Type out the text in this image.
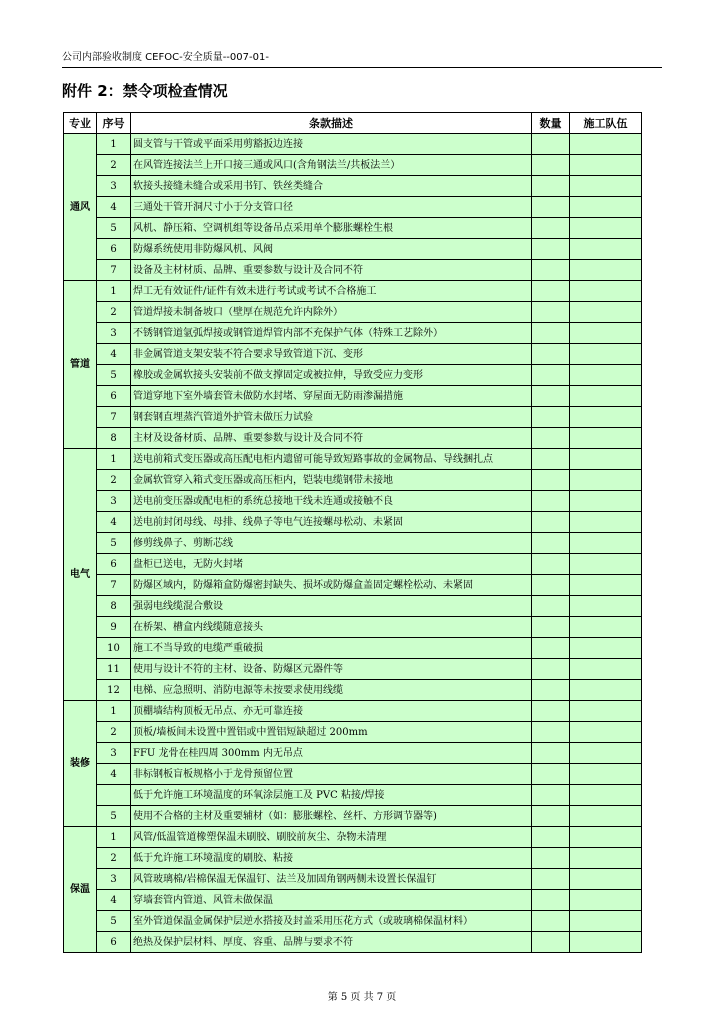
公司内部验收制度 CEFOC-安全质量--007-01-
附件 2：禁令项检查情况
专业	序号	条款描述	数量	施工队伍
通风	1	圆支管与干管或平面采用剪豁扳边连接		
	2	在风管连接法兰上开口接三通或风口(含角钢法兰/共板法兰）		
	3	软接头接缝未缝合或采用书钉、铁丝类缝合		
	4	三通处干管开洞尺寸小于分支管口径		
	5	风机、静压箱、空调机组等设备吊点采用单个膨胀螺栓生根		
	6	防爆系统使用非防爆风机、风阀		
	7	设备及主材材质、品牌、重要参数与设计及合同不符		
管道	1	焊工无有效证件/证件有效未进行考试或考试不合格施工		
	2	管道焊接未制备坡口（壁厚在规范允许内除外）		
	3	不锈钢管道氩弧焊接或钢管道焊管内部不充保护气体（特殊工艺除外）		
	4	非金属管道支架安装不符合要求导致管道下沉、变形		
	5	橡胶或金属软接头安装前不做支撑固定或被拉伸，导致受应力变形		
	6	管道穿地下室外墙套管未做防水封堵、穿屋面无防雨渗漏措施		
	7	钢套钢直埋蒸汽管道外护管未做压力试验		
	8	主材及设备材质、品牌、重要参数与设计及合同不符		
电气	1	送电前箱式变压器或高压配电柜内遗留可能导致短路事故的金属物品、导线捆扎点		
	2	金属软管穿入箱式变压器或高压柜内，铠装电缆钢带未接地		
	3	送电前变压器或配电柜的系统总接地干线未连通或接触不良		
	4	送电前封闭母线、母排、线鼻子等电气连接螺母松动、未紧固		
	5	修剪线鼻子、剪断芯线		
	6	盘柜已送电，无防火封堵		
	7	防爆区域内，防爆箱盒防爆密封缺失、损坏或防爆盒盖固定螺栓松动、未紧固		
	8	强弱电线缆混合敷设		
	9	在桥架、槽盒内线缆随意接头		
	10	施工不当导致的电缆严重破损		
	11	使用与设计不符的主材、设备、防爆区元器件等		
	12	电梯、应急照明、消防电源等未按要求使用线缆		
装修	1	顶棚墙结构顶板无吊点、亦无可靠连接		
	2	顶板/墙板间未设置中置铝或中置铝短缺超过 200mm		
	3	FFU 龙骨在桂四周 300mm 内无吊点		
	4	非标钢板盲板规格小于龙骨预留位置		
		低于允许施工环境温度的环氧涂层施工及 PVC 粘接/焊接		
	5	使用不合格的主材及重要辅材（如：膨胀螺栓、丝杆、方形调节器等)		
保温	1	风管/低温管道橡塑保温未刷胶、刷胶前灰尘、杂物未清理		
	2	低于允许施工环境温度的刷胶、粘接		
	3	风管玻璃棉/岩棉保温无保温钉、法兰及加固角钢两侧未设置长保温钉		
	4	穿墙套管内管道、风管未做保温		
	5	室外管道保温金属保护层逆水搭接及封盖采用压花方式（或玻璃棉保温材料）		
	6	绝热及保护层材料、厚度、容重、品牌与要求不符		
第 5 页 共 7 页
